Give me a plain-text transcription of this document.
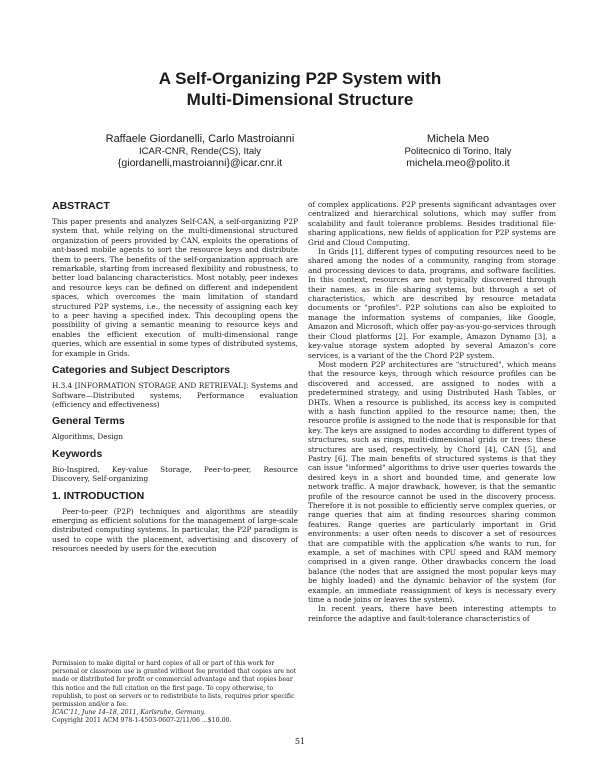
A Self-Organizing P2P System with
Multi-Dimensional Structure
Raffaele Giordanelli, Carlo Mastroianni
ICAR-CNR, Rende(CS), Italy
{giordanelli,mastroianni}@icar.cnr.it
Michela Meo
Politecnico di Torino, Italy
michela.meo@polito.it
ABSTRACT

This paper presents and analyzes Self-CAN, a self-organizing P2P system that, while relying on the multi-dimensional structured organization of peers provided by CAN, exploits the operations of ant-based mobile agents to sort the resource keys and distribute them to peers. The benefits of the self-organization approach are remarkable, starting from increased flexibility and robustness, to better load balancing characteristics. Most notably, peer indexes and resource keys can be defined on different and independent spaces, which overcomes the main limitation of standard structured P2P systems, i.e., the necessity of assigning each key to a peer having a specified index. This decoupling opens the possibility of giving a semantic meaning to resource keys and enables the efficient execution of multi-dimensional range queries, which are essential in some types of distributed systems, for example in Grids.

Categories and Subject Descriptors

H.3.4 [INFORMATION STORAGE AND RETRIEVAL]: Systems and Software—Distributed systems, Performance evaluation (efficiency and effectiveness)

General Terms

Algorithms, Design

Keywords

Bio-Inspired, Key-value Storage, Peer-to-peer, Resource Discovery, Self-organizing

1. INTRODUCTION

Peer-to-peer (P2P) techniques and algorithms are steadily emerging as efficient solutions for the management of large-scale distributed computing systems. In particular, the P2P paradigm is used to cope with the placement, advertising and discovery of resources needed by users for the execution

Permission to make digital or hard copies of all or part of this work for personal or classroom use is granted without fee provided that copies are not made or distributed for profit or commercial advantage and that copies bear this notice and the full citation on the first page. To copy otherwise, to republish, to post on servers or to redistribute to lists, requires prior specific permission and/or a fee.

ICAC'11, June 14–18, 2011, Karlsruhe, Germany.

Copyright 2011 ACM 978-1-4503-0607-2/11/06 ...$10.00.

of complex applications. P2P presents significant advantages over centralized and hierarchical solutions, which may suffer from scalability and fault tolerance problems. Besides traditional file-sharing applications, new fields of application for P2P systems are Grid and Cloud Computing.

In Grids [1], different types of computing resources need to be shared among the nodes of a community, ranging from storage and processing devices to data, programs, and software facilities. In this context, resources are not typically discovered through their names, as in file sharing systems, but through a set of characteristics, which are described by resource metadata documents or "profiles". P2P solutions can also be exploited to manage the information systems of companies, like Google, Amazon and Microsoft, which offer pay-as-you-go-services through their Cloud platforms [2]. For example, Amazon Dynamo [3], a key-value storage system adopted by several Amazon's core services, is a variant of the the Chord P2P system.

Most modern P2P architectures are "structured", which means that the resource keys, through which resource profiles can be discovered and accessed, are assigned to nodes with a predetermined strategy, and using Distributed Hash Tables, or DHTs. When a resource is published, its access key is computed with a hash function applied to the resource name; then, the resource profile is assigned to the node that is responsible for that key. The keys are assigned to nodes according to different types of structures, such as rings, multi-dimensional grids or trees: these structures are used, respectively, by Chord [4], CAN [5], and Pastry [6]. The main benefits of structured systems is that they can issue "informed" algorithms to drive user queries towards the desired keys in a short and bounded time, and generate low network traffic. A major drawback, however, is that the semantic profile of the resource cannot be used in the discovery process. Therefore it is not possible to efficiently serve complex queries, or range queries that aim at finding resources sharing common features. Range queries are particularly important in Grid environments: a user often needs to discover a set of resources that are compatible with the application s/he wants to run, for example, a set of machines with CPU speed and RAM memory comprised in a given range. Other drawbacks concern the load balance (the nodes that are assigned the most popular keys may be highly loaded) and the dynamic behavior of the system (for example, an immediate reassignment of keys is necessary every time a node joins or leaves the system).

In recent years, there have been interesting attempts to reinforce the adaptive and fault-tolerance characteristics of

51
